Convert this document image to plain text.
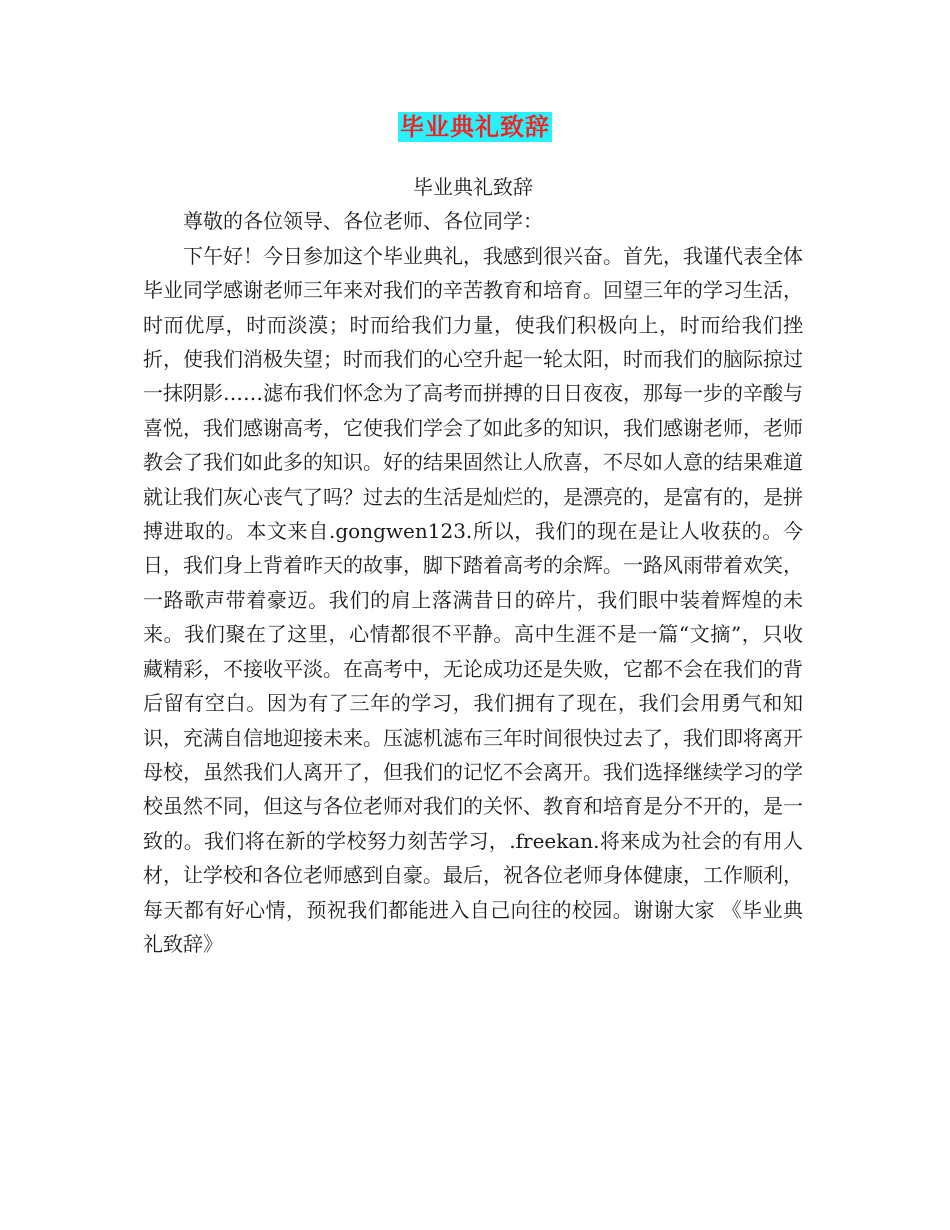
毕业典礼致辞

毕业典礼致辞

尊敬的各位领导、各位老师、各位同学：

下午好！今日参加这个毕业典礼，我感到很兴奋。首先，我谨代表全体毕业同学感谢老师三年来对我们的辛苦教育和培育。回望三年的学习生活，时而优厚，时而淡漠；时而给我们力量，使我们积极向上，时而给我们挫折，使我们消极失望；时而我们的心空升起一轮太阳，时而我们的脑际掠过一抹阴影……滤布我们怀念为了高考而拼搏的日日夜夜，那每一步的辛酸与喜悦，我们感谢高考，它使我们学会了如此多的知识，我们感谢老师，老师教会了我们如此多的知识。好的结果固然让人欣喜，不尽如人意的结果难道就让我们灰心丧气了吗？过去的生活是灿烂的，是漂亮的，是富有的，是拼搏进取的。本文来自.gongwen123.所以，我们的现在是让人收获的。今日，我们身上背着昨天的故事，脚下踏着高考的余辉。一路风雨带着欢笑，一路歌声带着豪迈。我们的肩上落满昔日的碎片，我们眼中装着辉煌的未来。我们聚在了这里，心情都很不平静。高中生涯不是一篇“文摘”，只收藏精彩，不接收平淡。在高考中，无论成功还是失败，它都不会在我们的背后留有空白。因为有了三年的学习，我们拥有了现在，我们会用勇气和知识，充满自信地迎接未来。压滤机滤布三年时间很快过去了，我们即将离开母校，虽然我们人离开了，但我们的记忆不会离开。我们选择继续学习的学校虽然不同，但这与各位老师对我们的关怀、教育和培育是分不开的，是一致的。我们将在新的学校努力刻苦学习，.freekan.将来成为社会的有用人材，让学校和各位老师感到自豪。最后，祝各位老师身体健康，工作顺利，每天都有好心情，预祝我们都能进入自己向往的校园。谢谢大家 《毕业典礼致辞》
